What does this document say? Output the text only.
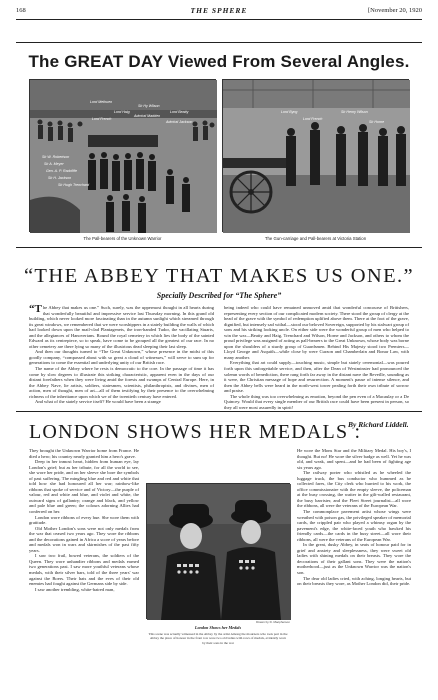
168	THE SPHERE	[November 20, 1920
The GREAT DAY Viewed From Several Angles.
Lord Methuen
Lord Haig
Lord French
Sir Hy Wilson
Admiral Madden
Lord Beatty
Admiral Jackson
Sir W. Robertson
Sir A. Meyer
Gen. A. P. Radcliffe
Sir H. Jackson
Sir Hugh Trenchard
The Pall-bearers of the Unknown Warrior
Lord Byng
Lord French
Sir Henry Wilson
Sir Horne
The Gun-carriage and Pall-bearers at Victoria Station
“THE ABBEY THAT MAKES US ONE.”
Specially Described for “The Sphere”

“The Abbey that makes us one.” Such, surely, was the uppermost thought in all hearts during that wonderfully beautiful and impressive service last Thursday morning. In this grand old building, which never looked more fascinating than in the autumn sunlight which streamed through its great windows, we remembered that we were worshippers in a stately building the walls of which had looked down upon the mail-clad Plantagenets, the iron-handed Tudor, the vacillating Stuarts, and the allegiances of Hanoverians. Round the royal cemetery in which lies the body of the sainted Edward as its centrepiece, so to speak, have come to be grouped all the greatest of our race. In no other cemetery are there lying so many of the illustrious dead sleeping their last sleep.

And then our thoughts turned to “The Great Unknown,” whose presence in the midst of this goodly company, “compassed about with so great a cloud of witnesses,” will serve to sum up for generations to come the essential and underlying unity of our British race.

The name of the Abbey where he rests is democratic to the core. In the passage of time it has come by slow degrees to illustrate this striking characteristic, apparent even in the days of our distant forefathers when they were living amid the forests and swamps of Central Europe. Here, in the Abbey Nave, lie artists, soldiers, statesmen, scientists, philanthropists, and divines, men of action, men of thought, men of art—all of them testifying by their presence to the overwhelming richness of the inheritance upon which we of the twentieth century have entered.

And what of the stately service itself? He would have been a strange

being indeed who could have remained unmoved amid that wonderful concourse of Britishers, representing every section of our complicated modern society. There stood the group of clergy at the head of the grave with the symbol of redemption uplifted above them. There at the foot of the grave, dignified, but intensely sad withal—stood our beloved Sovereign, supported by his stalwart group of sons and his striking looking uncle. On either side were the wonderful group of men who helped to win the war—Beatty and Haig, Trenchard and Wilson, Horne and Jackson, and others to whom the proud privilege was assigned of acting as pall-bearers to the Great Unknown, whose body was borne upon the shoulders of a sturdy group of Guardsmen. Behind His Majesty stood two Premiers—Lloyd George and Asquith—while close by were Curzon and Chamberlain and Bonar Law, with many another.

Everything that art could supply—touching music, simple but stately ceremonial—was poured forth upon this unforgettable service, and then, after the Dean of Westminster had pronounced the solemn words of benediction, there rang forth far away in the distant nave the Reveille, sounding as it were, the Christian message of hope and resurrection. A moment's pause of intense silence, and then the Abbey bells were heard in the north-west tower pealing forth their own tribute of sorrow and praise.

The whole thing was too overwhelming as emotion, beyond the pen even of a Macaulay or a De Quincey. Would that every single member of our British race could have been present in person, so they all were most assuredly in spirit!

LONDON SHOWS HER MEDALS :
By Richard Liddell.

They brought the Unknown Warrior home from France. He died a hero; his country nearly granted him a hero's grave.

Deep in her inmost heart, hidden from human eye, lay London's grief; but as her tribute, for all the world to see, she wore her pride, and on her sleeve she bore the symbols of past suffering. The mingling blue and red and white that told how she had honoured all her war; rainbow-like ribbons that spoke of service and of Victory—the purple of valour, red and white and blue, and violet and white, the outward signs of gallantry; orange and black, and yellow and pale blue and green; the colours adorning Allies had conferred on her.

London wore ribbons of every hue. She wore them with gratitude.

Old Mother London's sons were not only medals from the war that ceased two years ago. They wore the ribbons and the decorations gained in Africa a score of years before and medals won in wars and skirmishes of the past fifty years.

I saw two frail, bowed veterans, the soldiers of the Queen. They wore unhandier ribbons and medals earned two generations past. I saw more youthful veterans whose medals, with their silver bars, told of the three years' war against the Boers. Their hats and the eves of their old enemies had fought against the Germans side by side.

I saw another trembling, white-haired man,

Drawn by D. Macpherson
London Shows her Medals
This scene was actually witnessed in the Abbey by the artist Among the mourners who took part in the Abbey the place of honour in the front row were two old ladies with rows of medals, evidently worn by their sons in the war

He wore the Mons Star and the Military Medal. His boy's, I thought. But no! He wore the silver badge as well. Yet he was old, and weak, and spent—and he had been of fighting age six years ago.

The railway porter who whistled as he wheeled the luggage truck, the bus conductor who hummed as he collected fares, the City clerk who hurried to his work, the office commissionaire with the empty sleeve, the policeman at the busy crossing, the waiter in the gilt-walled restaurant, the busy barrister, and the Fleet Street journalist—all wore the ribbons, all were the veterans of the European War.

The commonplace pavement artist whose wings were wreathed with poison gas, the privileged speaker of memorial cards, the crippled pair who played a whimsy organ by the pavement's edge, the white-faced youth who hawked his friendly cards—the cards in the busy street—all wore their ribbons, all were the veterans of the European War.

In the great, dusky Abbey, in seats of honour paid for in grief and anxiety and sleeplessness, they were sweet old ladies with shining medals on their breasts. They wore the decorations of their gallant sons. They were the nation's motherhood—just as the Unknown Warrior was the nation's son.

The dear old ladies cried, with aching, longing hearts, but on their breasts they wore, as Mother London did, their pride.
